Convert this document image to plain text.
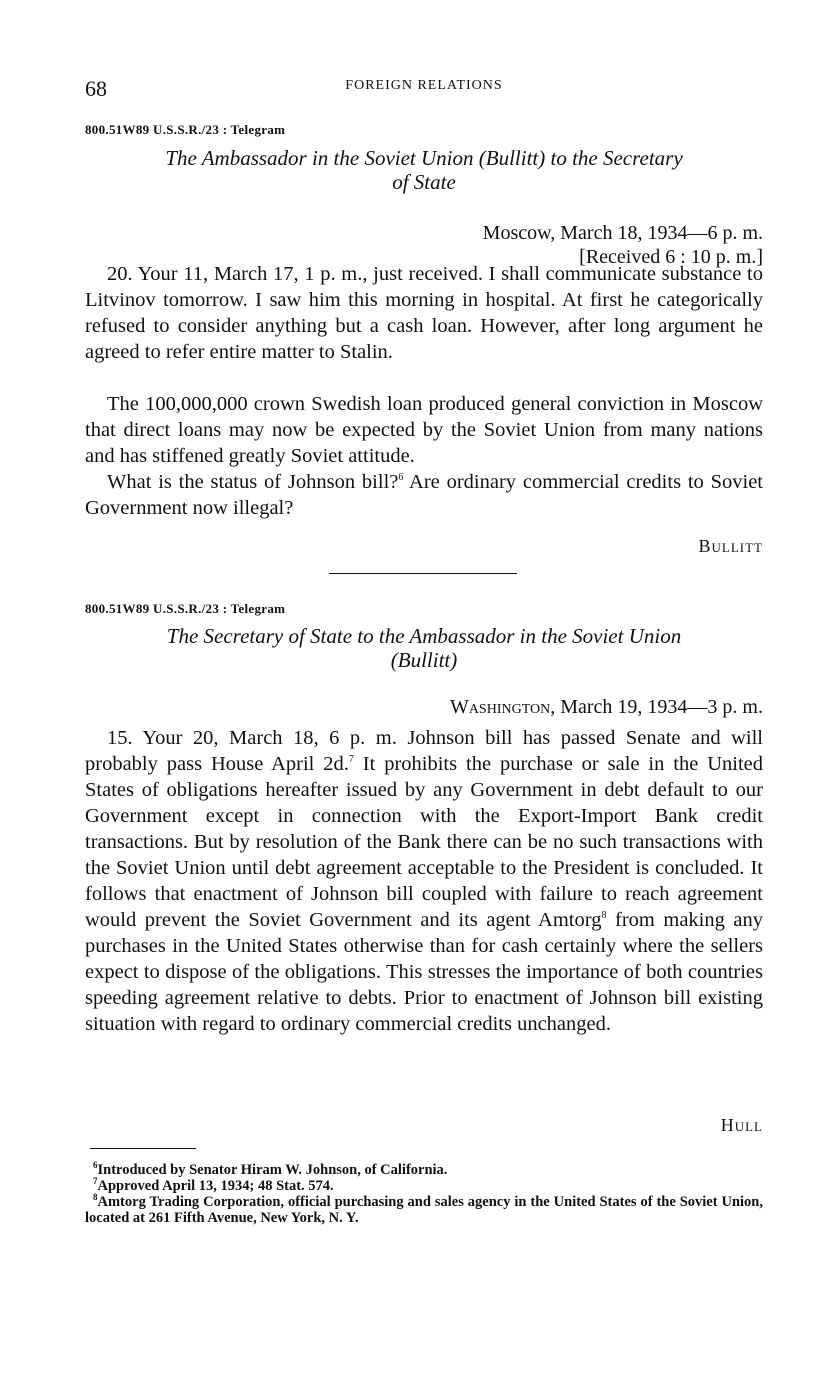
68	FOREIGN RELATIONS
800.51W89 U.S.S.R./23 : Telegram
The Ambassador in the Soviet Union (Bullitt) to the Secretary
of State
Moscow, March 18, 1934—6 p. m.
[Received 6 : 10 p. m.]

20. Your 11, March 17, 1 p. m., just received. I shall communicate substance to Litvinov tomorrow. I saw him this morning in hospital. At first he categorically refused to consider anything but a cash loan. However, after long argument he agreed to refer entire matter to Stalin.

The 100,000,000 crown Swedish loan produced general conviction in Moscow that direct loans may now be expected by the Soviet Union from many nations and has stiffened greatly Soviet attitude.

What is the status of Johnson bill?$^6$ Are ordinary commercial credits to Soviet Government now illegal?

Bullitt
800.51W89 U.S.S.R./23 : Telegram
The Secretary of State to the Ambassador in the Soviet Union
(Bullitt)
Washington, March 19, 1934—3 p. m.

15. Your 20, March 18, 6 p. m. Johnson bill has passed Senate and will probably pass House April 2d.$^7$ It prohibits the purchase or sale in the United States of obligations hereafter issued by any Government in debt default to our Government except in connection with the Export-Import Bank credit transactions. But by resolution of the Bank there can be no such transactions with the Soviet Union until debt agreement acceptable to the President is concluded. It follows that enactment of Johnson bill coupled with failure to reach agreement would prevent the Soviet Government and its agent Amtorg$^8$ from making any purchases in the United States otherwise than for cash certainly where the sellers expect to dispose of the obligations. This stresses the importance of both countries speeding agreement relative to debts. Prior to enactment of Johnson bill existing situation with regard to ordinary commercial credits unchanged.

Hull
$^6$Introduced by Senator Hiram W. Johnson, of California.
$^7$Approved April 13, 1934; 48 Stat. 574.
$^8$Amtorg Trading Corporation, official purchasing and sales agency in the United States of the Soviet Union, located at 261 Fifth Avenue, New York, N. Y.
